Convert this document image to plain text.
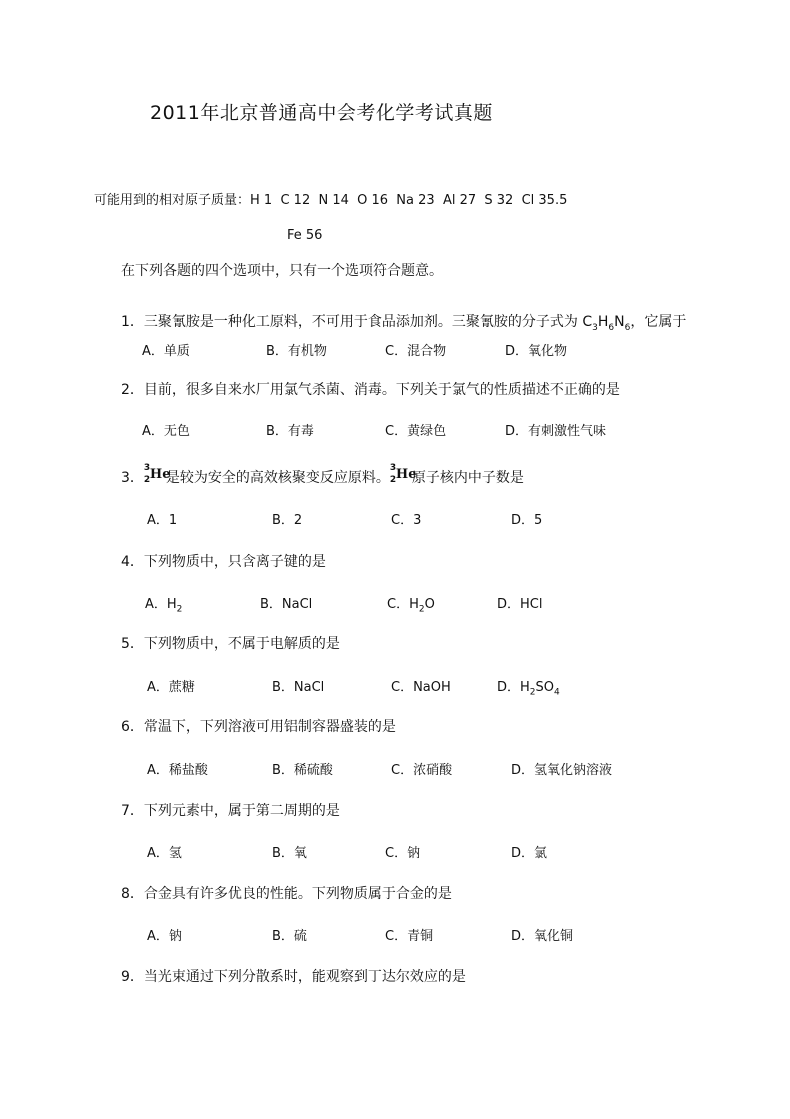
2011年北京普通高中会考化学考试真题
可能用到的相对原子质量：H 1  C 12  N 14  O 16  Na 23  Al 27  S 32  Cl 35.5
Fe 56
在下列各题的四个选项中，只有一个选项符合题意。
1．三聚氰胺是一种化工原料，不可用于食品添加剂。三聚氰胺的分子式为 $C_3H_6N_6$，它属于
A．单质	B．有机物	C．混合物	D．氧化物
2．目前，很多自来水厂用氯气杀菌、消毒。下列关于氯气的性质描述不正确的是
A．无色	B．有毒	C．黄绿色	D．有刺激性气味
3．
3
2 He
是较为安全的高效核聚变反应原料。
3
2 He
原子核内中子数是
A．1	B．2	C．3	D．5
4．下列物质中，只含离子键的是
A．$H_2$	B．NaCl	C．$H_2O$	D．HCl
5．下列物质中，不属于电解质的是
A．蔗糖	B．NaCl	C．NaOH	D．$H_2SO_4$
6．常温下，下列溶液可用铝制容器盛装的是
A．稀盐酸	B．稀硫酸	C．浓硝酸	D．氢氧化钠溶液
7．下列元素中，属于第二周期的是
A．氢	B．氧	C．钠	D．氯
8．合金具有许多优良的性能。下列物质属于合金的是
A．钠	B．硫	C．青铜	D．氧化铜
9．当光束通过下列分散系时，能观察到丁达尔效应的是
